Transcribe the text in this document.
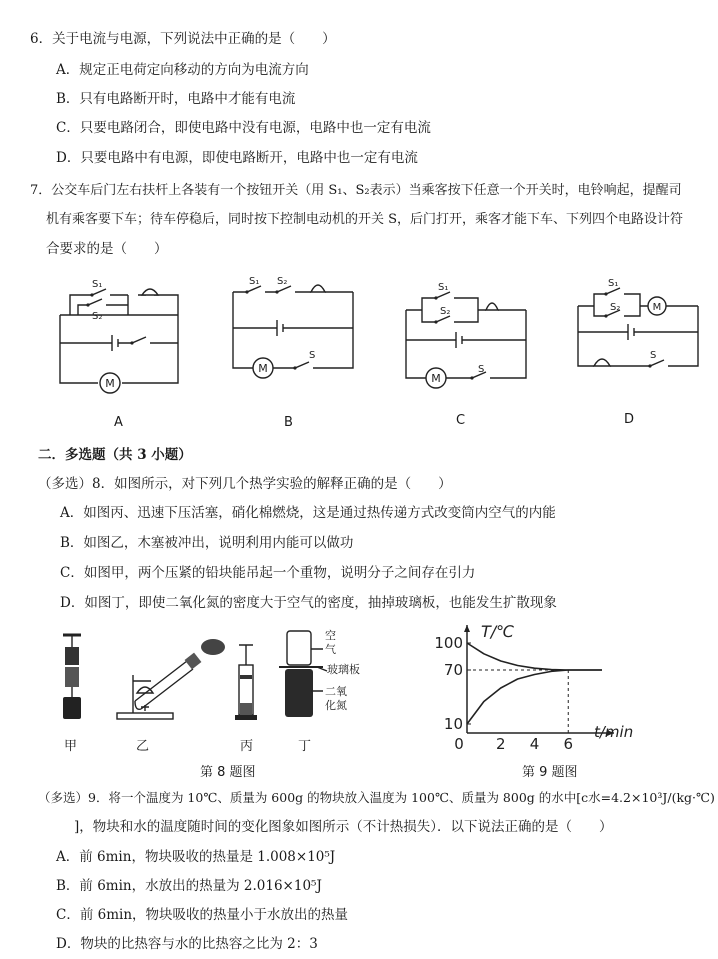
6．关于电流与电源，下列说法中正确的是（　　）
A．规定正电荷定向移动的方向为电流方向
B．只有电路断开时，电路中才能有电流
C．只要电路闭合，即使电路中没有电源，电路中也一定有电流
D．只要电路中有电源，即使电路断开，电路中也一定有电流
7．公交车后门左右扶杆上各装有一个按钮开关（用 S₁、S₂表示）当乘客按下任意一个开关时，电铃响起，提醒司
机有乘客要下车；待车停稳后，同时按下控制电动机的开关 S，后门打开，乘客才能下车、下列四个电路设计符
合要求的是（　　）
S₁
S₂
M
A
S₁ S₂
M
S
B
S₁
S₂
M
S
C
M
S₁
S₂
S
D
二．多选题（共 3 小题）
（多选）8．如图所示，对下列几个热学实验的解释正确的是（　　）
A．如图丙、迅速下压活塞，硝化棉燃烧，这是通过热传递方式改变筒内空气的内能
B．如图乙，木塞被冲出，说明利用内能可以做功
C．如图甲，两个压紧的铅块能吊起一个重物，说明分子之间存在引力
D．如图丁，即使二氧化氮的密度大于空气的密度，抽掉玻璃板，也能发生扩散现象
空
气
玻璃板
二氧
化氮
甲	乙	丙	丁
第 8 题图
T/℃
t/min
10
70
100
0 2 4 6
第 9 题图
（多选）9．将一个温度为 10℃、质量为 600g 的物块放入温度为 100℃、质量为 800g 的水中[c水=4.2×10³J/(kg·℃)
]，物块和水的温度随时间的变化图象如图所示（不计热损失）．以下说法正确的是（　　）
A．前 6min，物块吸收的热量是 1.008×10⁵J
B．前 6min，水放出的热量为 2.016×10⁵J
C．前 6min，物块吸收的热量小于水放出的热量
D．物块的比热容与水的比热容之比为 2：3
